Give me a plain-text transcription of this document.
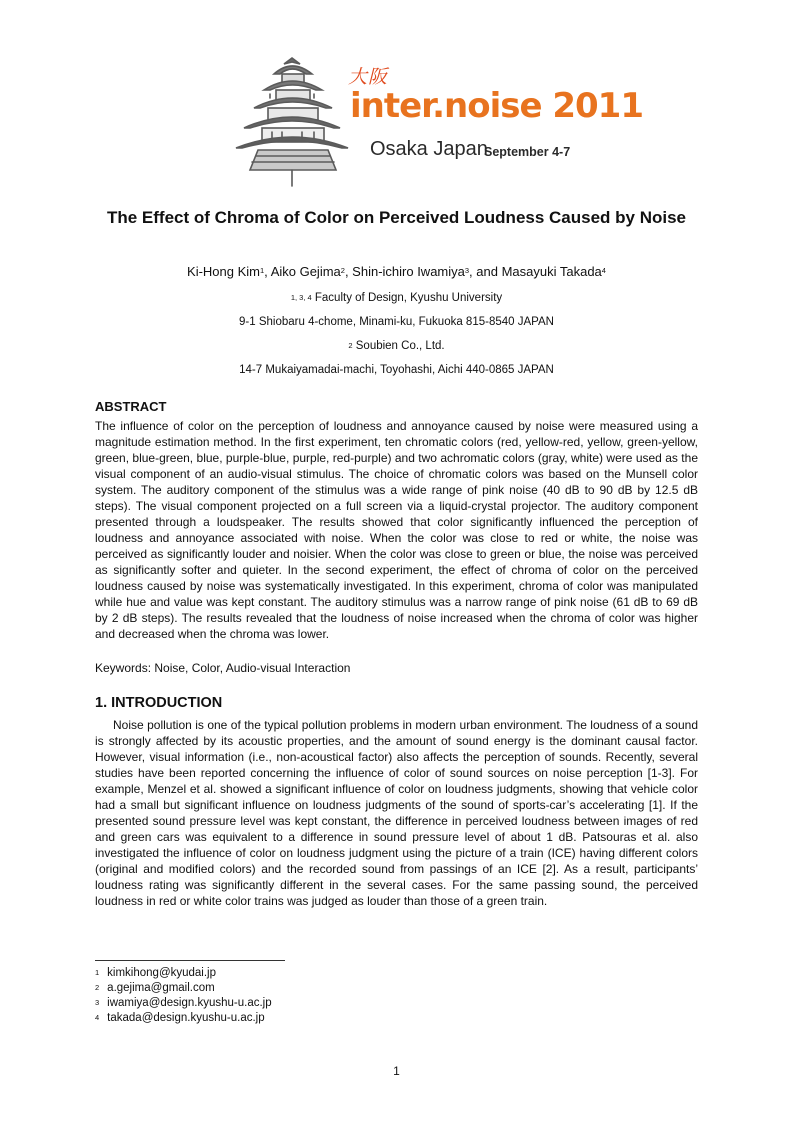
大阪
inter.noise 2011
Osaka Japan
September 4-7
The Effect of Chroma of Color on Perceived Loudness Caused by Noise
Ki-Hong Kim$^1$, Aiko Gejima$^2$, Shin-ichiro Iwamiya$^3$, and Masayuki Takada$^4$
$^{1, 3, 4}$ Faculty of Design, Kyushu University
9-1 Shiobaru 4-chome, Minami-ku, Fukuoka 815-8540 JAPAN
$^2$ Soubien Co., Ltd.
14-7 Mukaiyamadai-machi, Toyohashi, Aichi 440-0865 JAPAN
ABSTRACT
The influence of color on the perception of loudness and annoyance caused by noise were measured using a magnitude estimation method. In the first experiment, ten chromatic colors (red, yellow-red, yellow, green-yellow, green, blue-green, blue, purple-blue, purple, red-purple) and two achromatic colors (gray, white) were used as the visual component of an audio-visual stimulus. The choice of chromatic colors was based on the Munsell color system. The auditory component of the stimulus was a wide range of pink noise (40 dB to 90 dB by 12.5 dB steps). The visual component projected on a full screen via a liquid-crystal projector. The auditory component presented through a loudspeaker. The results showed that color significantly influenced the perception of loudness and annoyance associated with noise. When the color was close to red or white, the noise was perceived as significantly louder and noisier. When the color was close to green or blue, the noise was perceived as significantly softer and quieter. In the second experiment, the effect of chroma of color on the perceived loudness caused by noise was systematically investigated. In this experiment, chroma of color was manipulated while hue and value was kept constant. The auditory stimulus was a narrow range of pink noise (61 dB to 69 dB by 2 dB steps). The results revealed that the loudness of noise increased when the chroma of color was higher and decreased when the chroma was lower.
Keywords: Noise, Color, Audio-visual Interaction
1. INTRODUCTION
Noise pollution is one of the typical pollution problems in modern urban environment. The loudness of a sound is strongly affected by its acoustic properties, and the amount of sound energy is the dominant causal factor. However, visual information (i.e., non-acoustical factor) also affects the perception of sounds. Recently, several studies have been reported concerning the influence of color of sound sources on noise perception [1-3]. For example, Menzel et al. showed a significant influence of color on loudness judgments, showing that vehicle color had a small but significant influence on loudness judgments of the sound of sports-car’s accelerating [1]. If the presented sound pressure level was kept constant, the difference in perceived loudness between images of red and green cars was equivalent to a difference in sound pressure level of about 1 dB. Patsouras et al. also investigated the influence of color on loudness judgment using the picture of a train (ICE) having different colors (original and modified colors) and the recorded sound from passings of an ICE [2]. As a result, participants’ loudness rating was significantly different in the several cases. For the same passing sound, the perceived loudness in red or white color trains was judged as louder than those of a green train.
$^1$ kimkihong@kyudai.jp
$^2$ a.gejima@gmail.com
$^3$ iwamiya@design.kyushu-u.ac.jp
$^4$ takada@design.kyushu-u.ac.jp
1
